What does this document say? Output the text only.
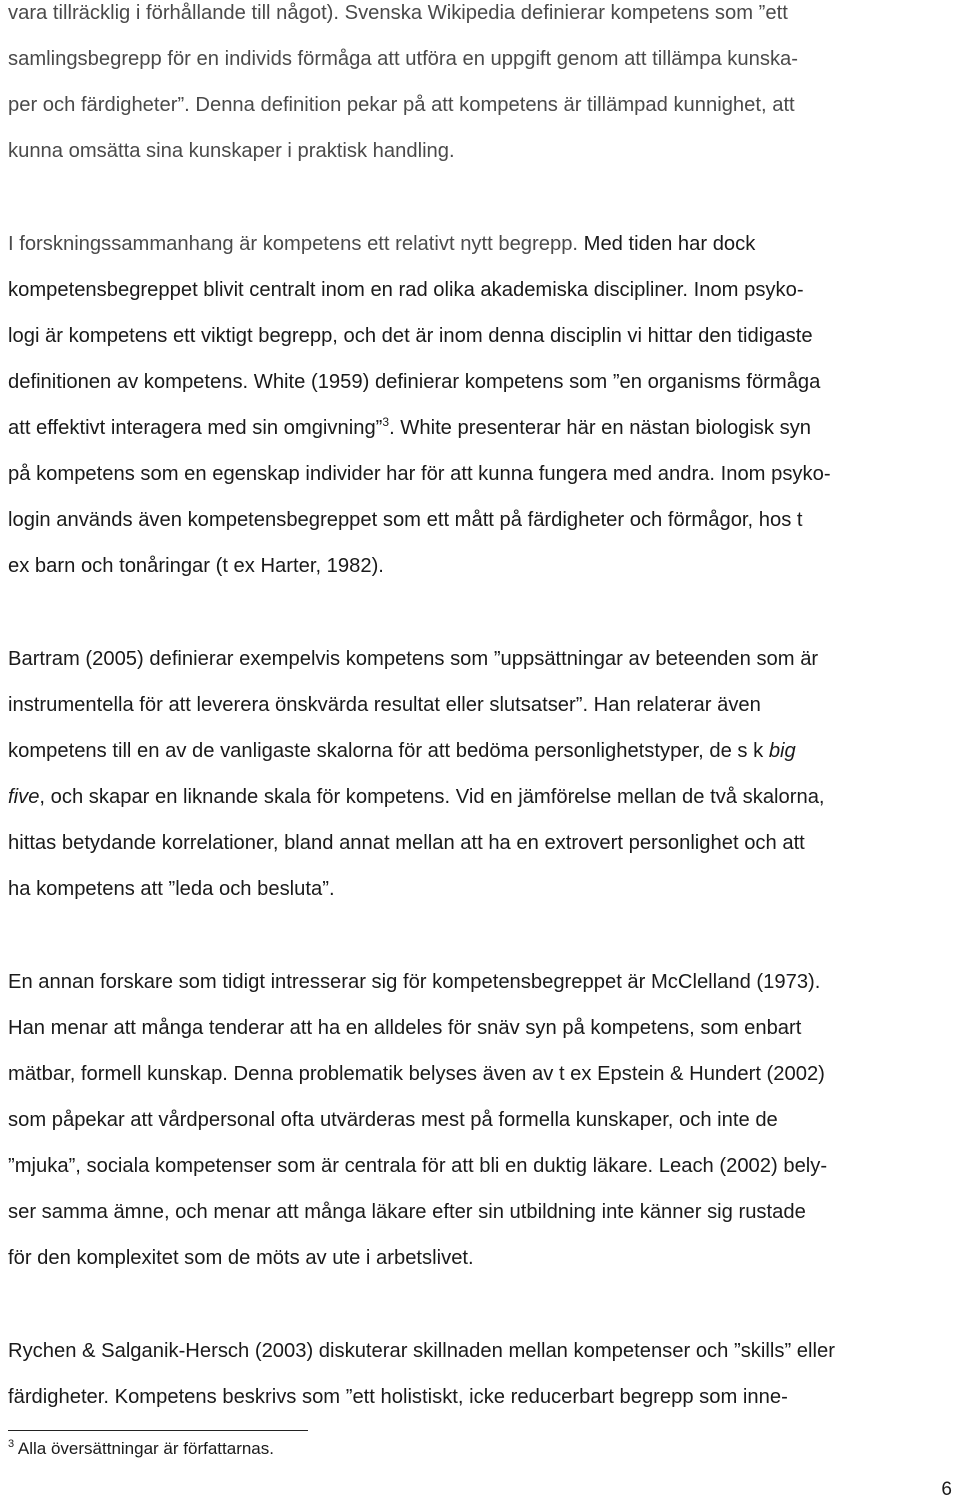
vara tillräcklig i förhållande till något). Svenska Wikipedia definierar kompetens som ”ett
samlingsbegrepp för en individs förmåga att utföra en uppgift genom att tillämpa kunska-
per och färdigheter”. Denna definition pekar på att kompetens är tillämpad kunnighet, att
kunna omsätta sina kunskaper i praktisk handling.
I forskningssammanhang är kompetens ett relativt nytt begrepp. Med tiden har dock
kompetensbegreppet blivit centralt inom en rad olika akademiska discipliner. Inom psyko-
logi är kompetens ett viktigt begrepp, och det är inom denna disciplin vi hittar den tidigaste
definitionen av kompetens. White (1959) definierar kompetens som ”en organisms förmåga
att effektivt interagera med sin omgivning”$^3$. White presenterar här en nästan biologisk syn
på kompetens som en egenskap individer har för att kunna fungera med andra. Inom psyko-
login används även kompetensbegreppet som ett mått på färdigheter och förmågor, hos t
ex barn och tonåringar (t ex Harter, 1982).
Bartram (2005) definierar exempelvis kompetens som ”uppsättningar av beteenden som är
instrumentella för att leverera önskvärda resultat eller slutsatser”. Han relaterar även
kompetens till en av de vanligaste skalorna för att bedöma personlighetstyper, de s k big
five, och skapar en liknande skala för kompetens. Vid en jämförelse mellan de två skalorna,
hittas betydande korrelationer, bland annat mellan att ha en extrovert personlighet och att
ha kompetens att ”leda och besluta”.
En annan forskare som tidigt intresserar sig för kompetensbegreppet är McClelland (1973).
Han menar att många tenderar att ha en alldeles för snäv syn på kompetens, som enbart
mätbar, formell kunskap. Denna problematik belyses även av t ex Epstein & Hundert (2002)
som påpekar att vårdpersonal ofta utvärderas mest på formella kunskaper, och inte de
”mjuka”, sociala kompetenser som är centrala för att bli en duktig läkare. Leach (2002) bely-
ser samma ämne, och menar att många läkare efter sin utbildning inte känner sig rustade
för den komplexitet som de möts av ute i arbetslivet.
Rychen & Salganik-Hersch (2003) diskuterar skillnaden mellan kompetenser och ”skills” eller
färdigheter. Kompetens beskrivs som ”ett holistiskt, icke reducerbart begrepp som inne-
$^3$ Alla översättningar är författarnas.
6
